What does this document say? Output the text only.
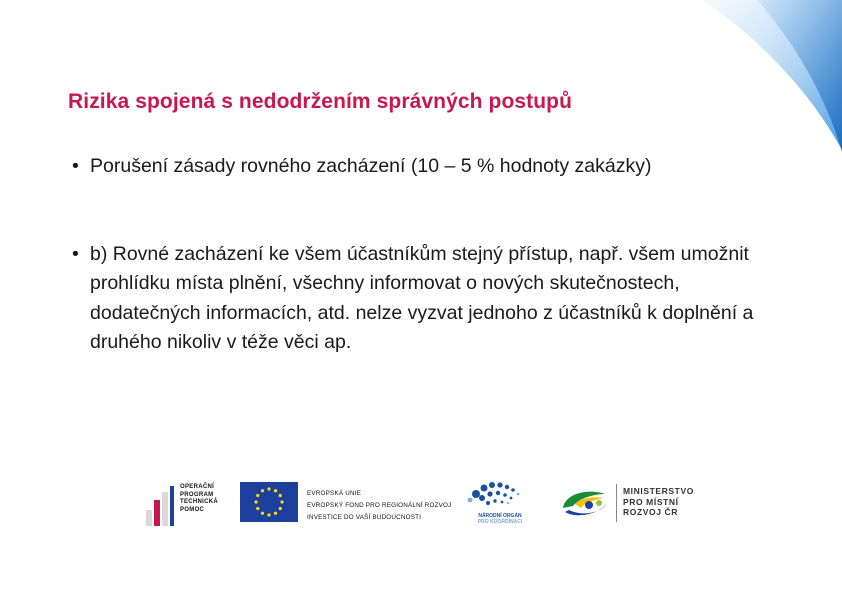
Rizika spojená s nedodržením správných postupů
• Porušení zásady rovného zacházení (10 – 5 % hodnoty zakázky)
• b) Rovné zacházení ke všem účastníkům stejný přístup, např. všem umožnit prohlídku místa plnění, všechny informovat o nových skutečnostech, dodatečných informacích, atd. nelze vyzvat jednoho z účastníků k doplnění a druhého nikoliv v téže věci ap.
OPERAČNÍ
PROGRAM
TECHNICKÁ
POMOC
EVROPSKÁ UNIE
EVROPSKÝ FOND PRO REGIONÁLNÍ ROZVOJ
INVESTICE DO VAŠÍ BUDOUCNOSTI	NÁRODNÍ ORGÁN
PRO KOORDINACI
MINISTERSTVO
PRO MÍSTNÍ
ROZVOJ ČR
